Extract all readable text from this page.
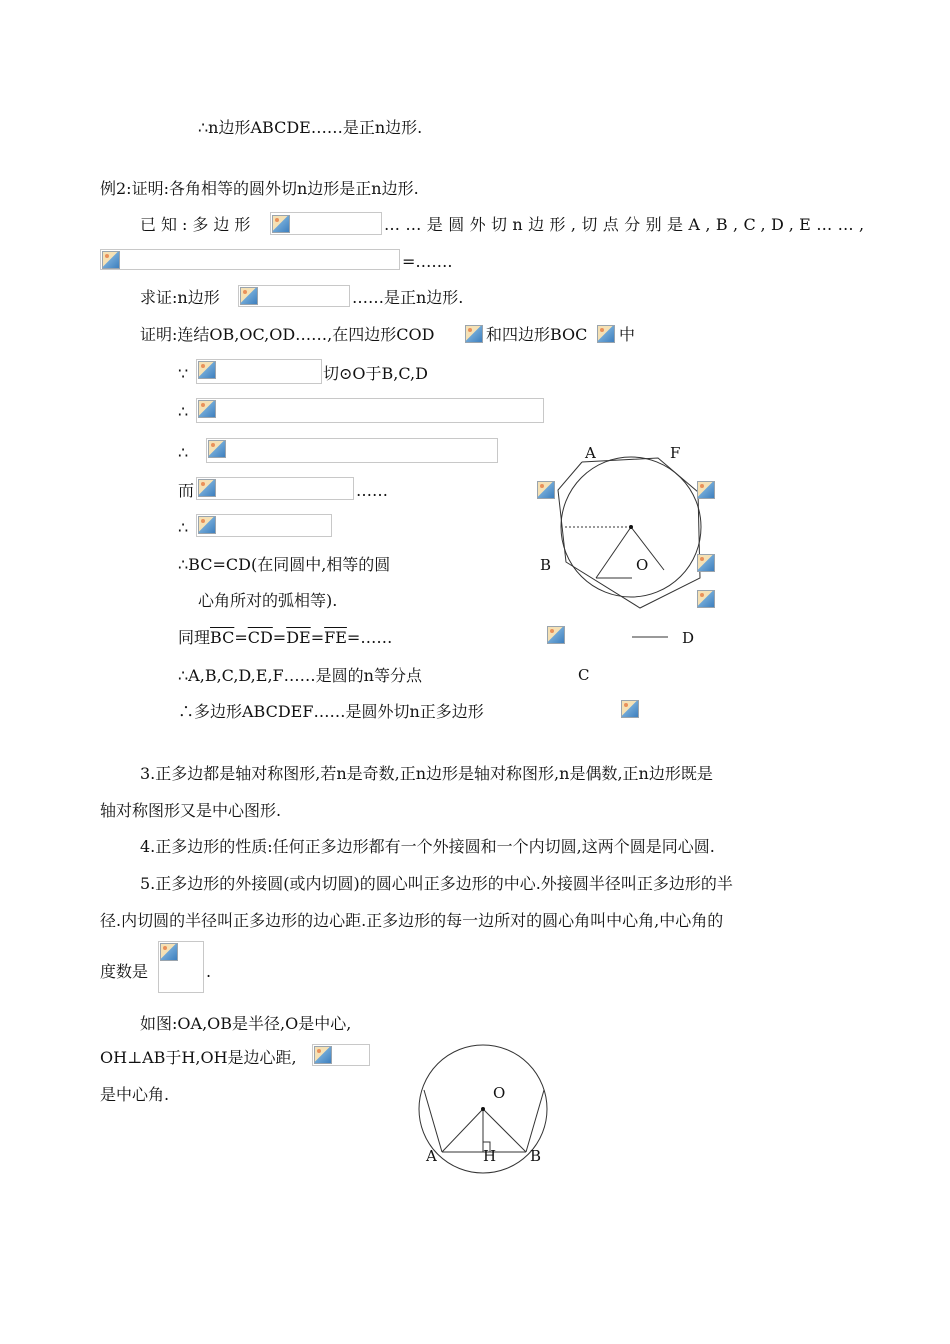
∴n边形ABCDE……是正n边形.
例2:证明:各角相等的圆外切n边形是正n边形.
已知:多边形	……是圆外切n边形,切点分别是A,B,C,D,E……,
=…….
求证:n边形	……是正n边形.
证明:连结OB,OC,OD……,在四边形COD	和四边形BOC 中
∵	切⊙O于B,C,D
∴
∴
而	……
∴
∴BC=CD(在同圆中,相等的圆
心角所对的弧相等).
同理$\overline{BC}=\overline{CD}=\overline{DE}=\overline{FE}=\dots\dots$
∴A,B,C,D,E,F……是圆的n等分点
∴多边形ABCDEF……是圆外切n正多边形
A	F
B	O
D
C
3.正多边都是轴对称图形,若n是奇数,正n边形是轴对称图形,n是偶数,正n边形既是
轴对称图形又是中心图形.
4.正多边形的性质:任何正多边形都有一个外接圆和一个内切圆,这两个圆是同心圆.
5.正多边形的外接圆(或内切圆)的圆心叫正多边形的中心.外接圆半径叫正多边形的半
径.内切圆的半径叫正多边形的边心距.正多边形的每一边所对的圆心角叫中心角,中心角的
度数是	.
如图:OA,OB是半径,O是中心,
OH⊥AB于H,OH是边心距,
是中心角.	O
A	H B
